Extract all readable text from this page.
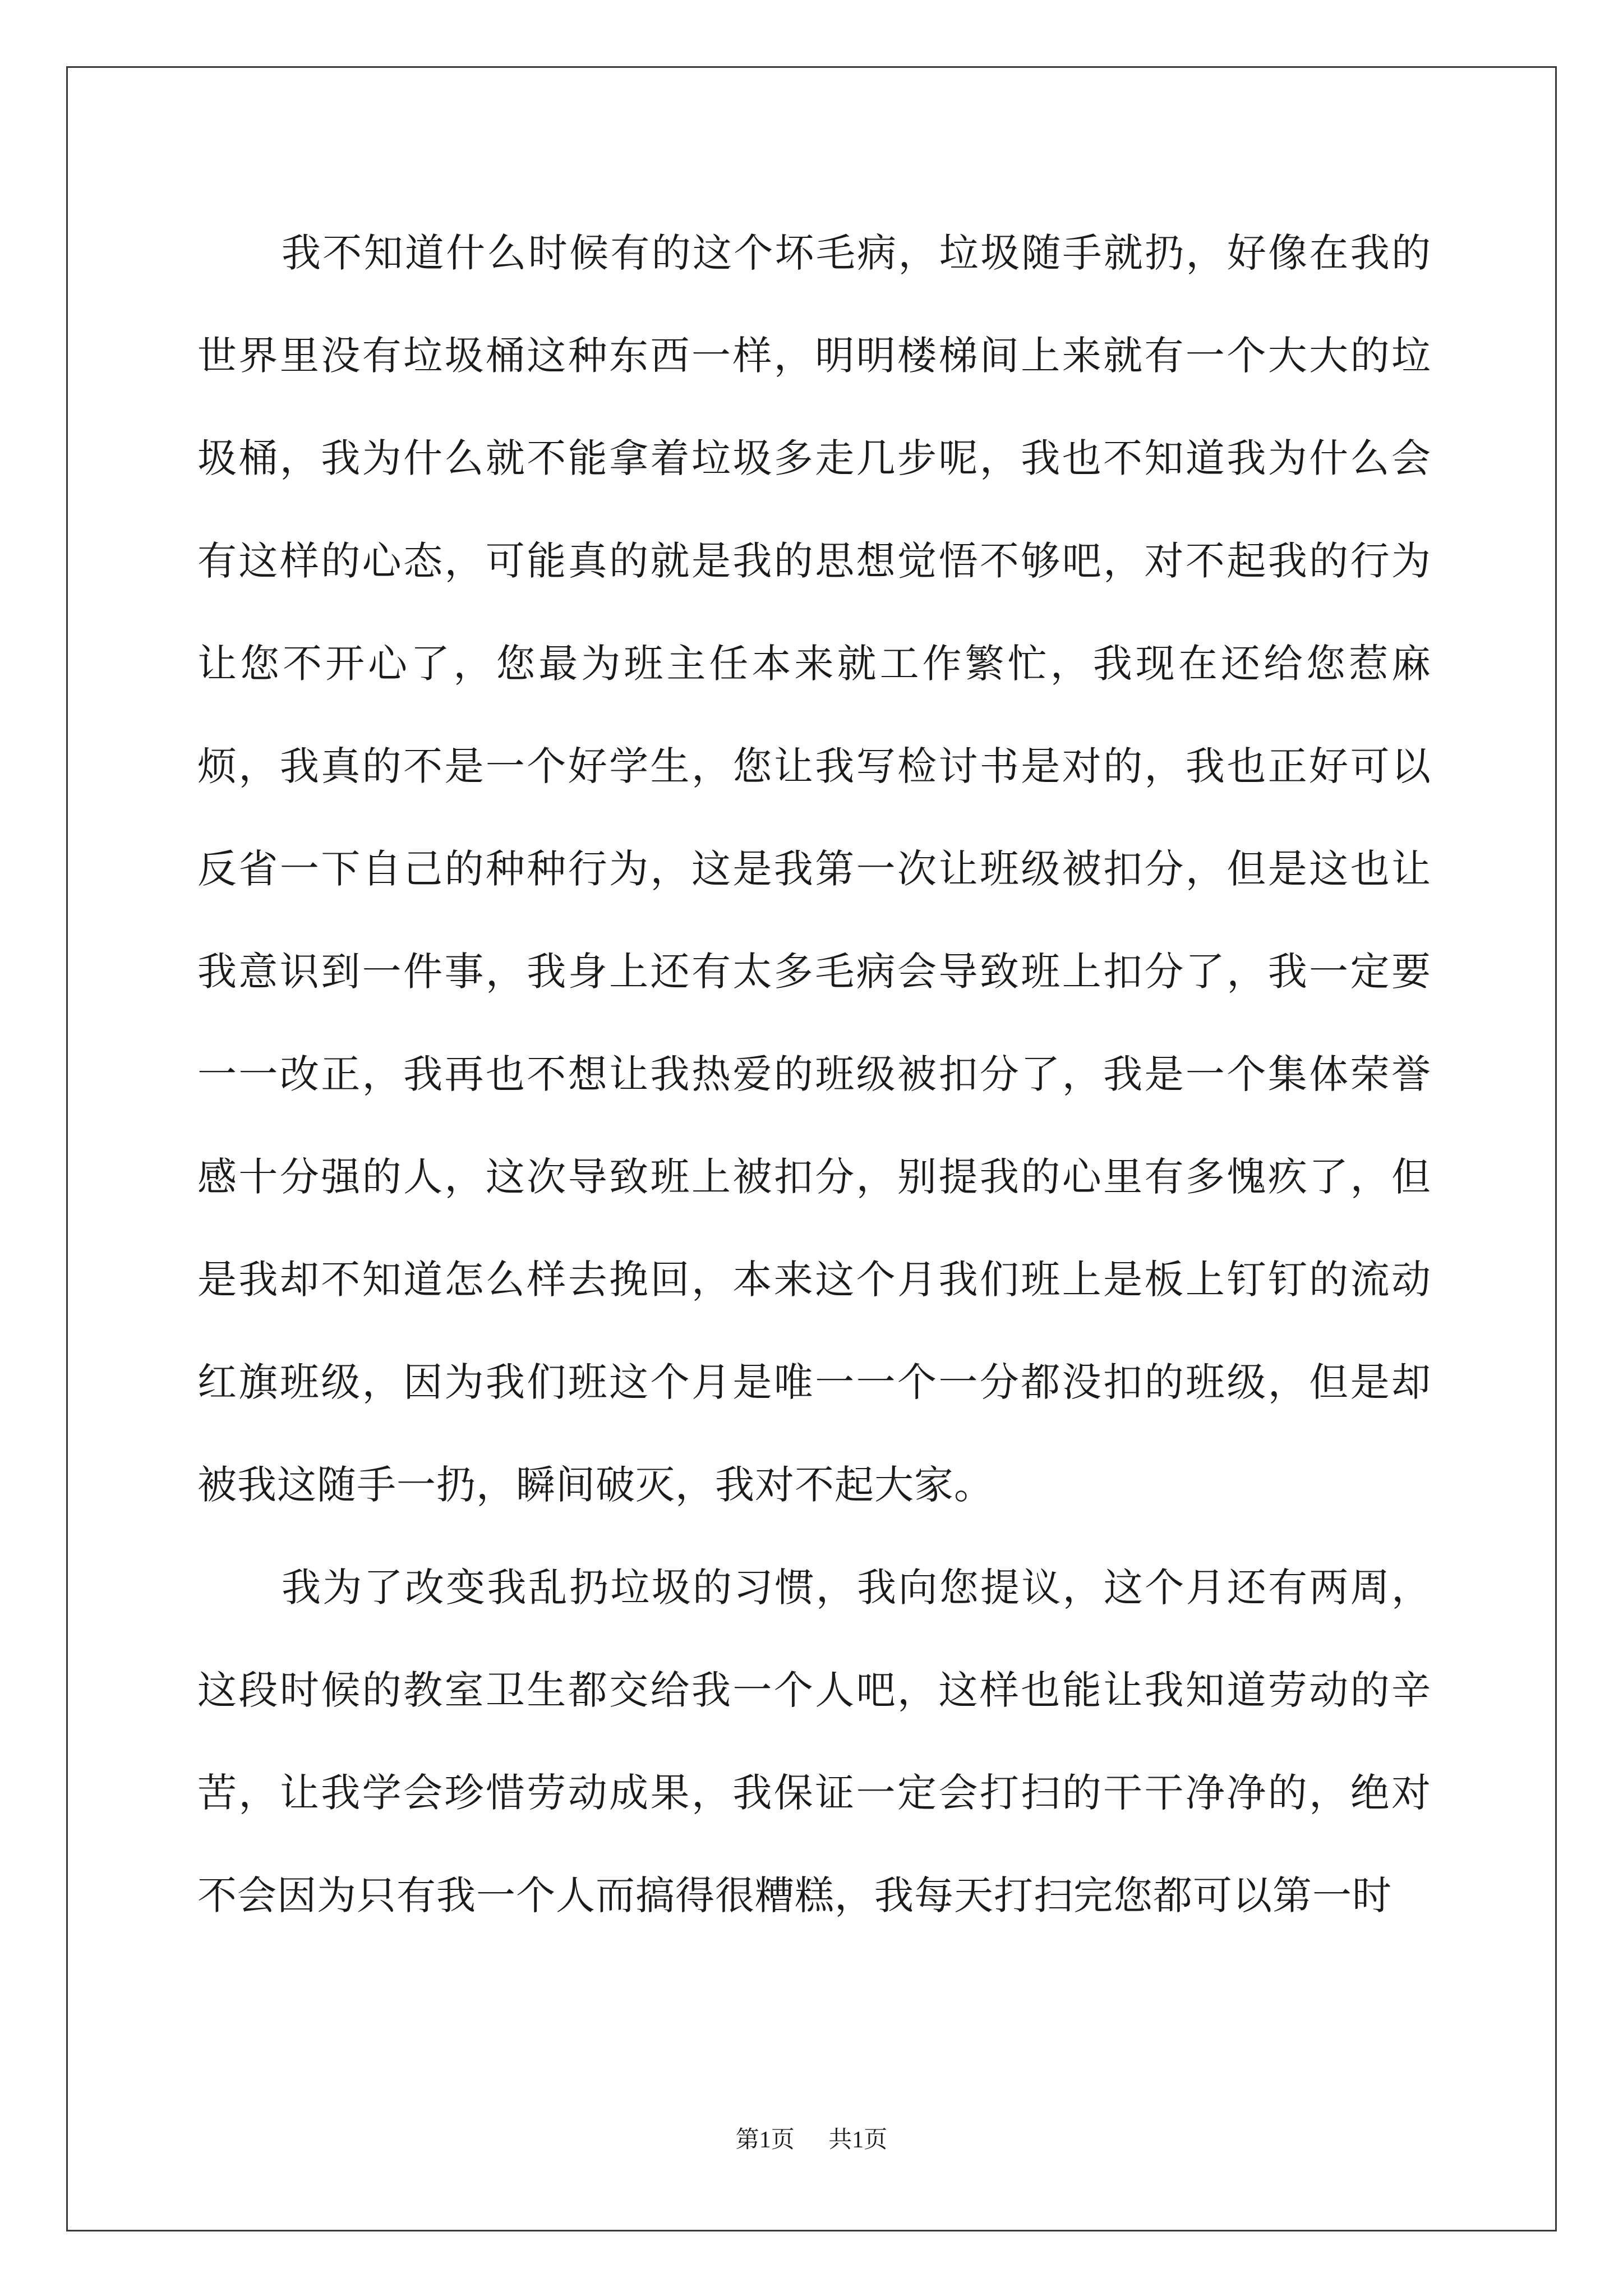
我不知道什么时候有的这个坏毛病，垃圾随手就扔，好像在我的世界里没有垃圾桶这种东西一样，明明楼梯间上来就有一个大大的垃圾桶，我为什么就不能拿着垃圾多走几步呢，我也不知道我为什么会有这样的心态，可能真的就是我的思想觉悟不够吧，对不起我的行为让您不开心了，您最为班主任本来就工作繁忙，我现在还给您惹麻烦，我真的不是一个好学生，您让我写检讨书是对的，我也正好可以反省一下自己的种种行为，这是我第一次让班级被扣分，但是这也让我意识到一件事，我身上还有太多毛病会导致班上扣分了，我一定要一一改正，我再也不想让我热爱的班级被扣分了，我是一个集体荣誉感十分强的人，这次导致班上被扣分，别提我的心里有多愧疚了，但是我却不知道怎么样去挽回，本来这个月我们班上是板上钉钉的流动红旗班级，因为我们班这个月是唯一一个一分都没扣的班级，但是却被我这随手一扔，瞬间破灭，我对不起大家。

我为了改变我乱扔垃圾的习惯，我向您提议，这个月还有两周，这段时候的教室卫生都交给我一个人吧，这样也能让我知道劳动的辛苦，让我学会珍惜劳动成果，我保证一定会打扫的干干净净的，绝对不会因为只有我一个人而搞得很糟糕，我每天打扫完您都可以第一时

第1页 共1页
